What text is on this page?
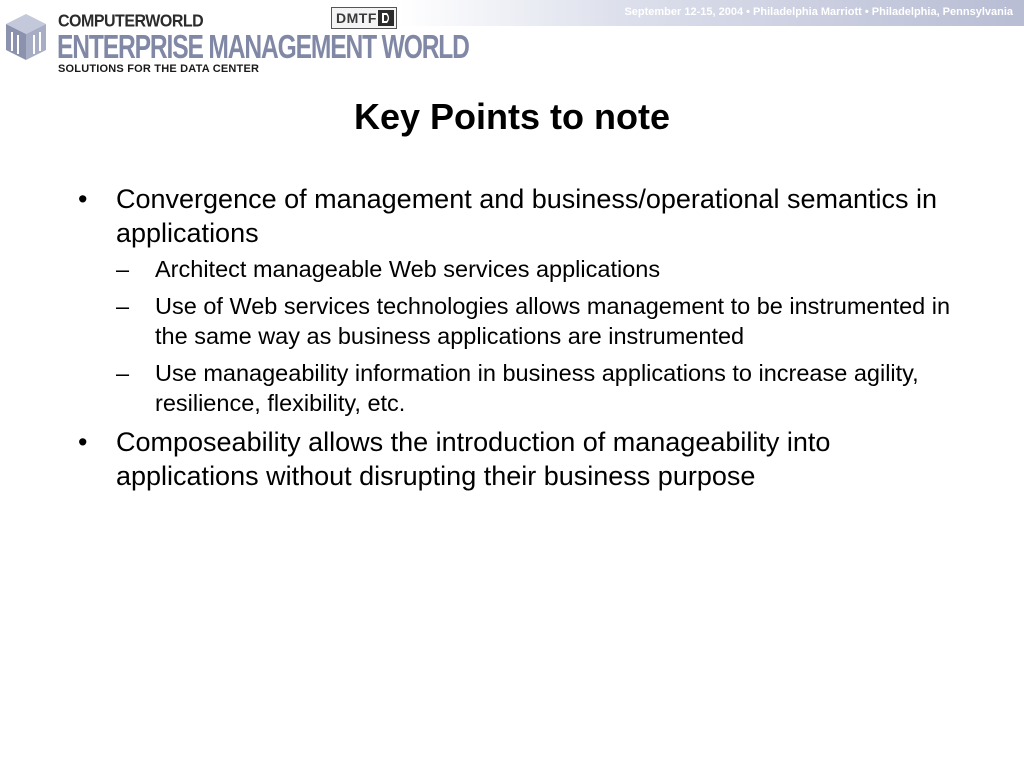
September 12-15, 2004 • Philadelphia Marriott • Philadelphia, Pennsylvania
COMPUTERWORLD
ENTERPRISE MANAGEMENT WORLD
SOLUTIONS FOR THE DATA CENTER
DMTF
Key Points to note
• Convergence of management and business/operational semantics in applications
– Architect manageable Web services applications
– Use of Web services technologies allows management to be instrumented in the same way as business applications are instrumented
– Use manageability information in business applications to increase agility, resilience, flexibility, etc.
• Composeability allows the introduction of manageability into applications without disrupting their business purpose
